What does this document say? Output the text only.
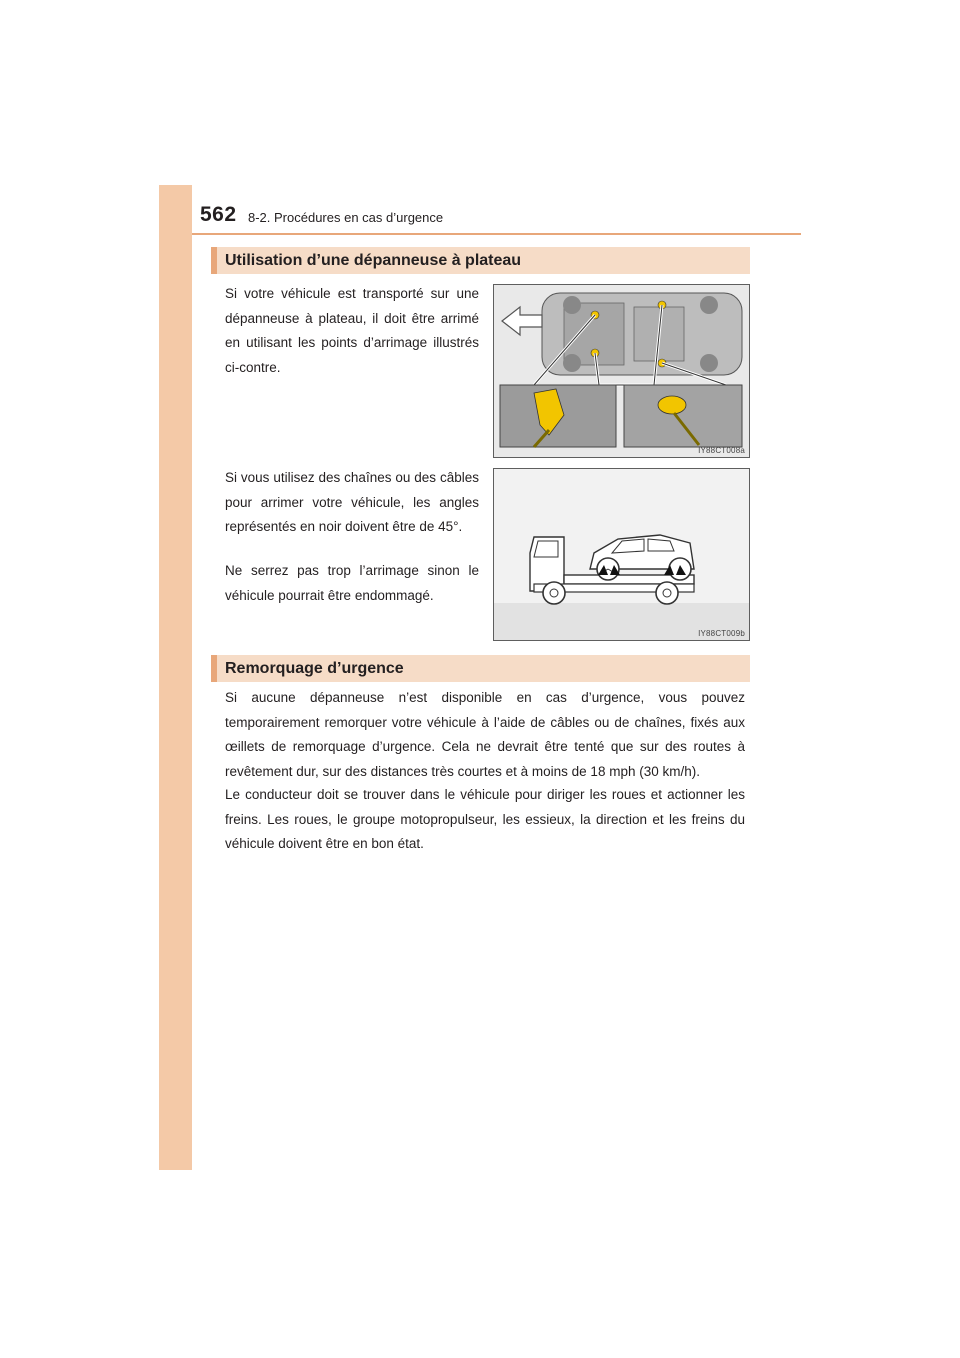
562 8-2. Procédures en cas d’urgence
Utilisation d’une dépanneuse à plateau

Si votre véhicule est transporté sur une dépanneuse à plateau, il doit être arrimé en utilisant les points d’arrimage illustrés ci-contre.

IY88CT008a

Si vous utilisez des chaînes ou des câbles pour arrimer votre véhicule, les angles représentés en noir doivent être de 45°.

Ne serrez pas trop l’arrimage sinon le véhicule pourrait être endommagé.

IY88CT009b
Remorquage d’urgence

Si aucune dépanneuse n’est disponible en cas d’urgence, vous pouvez temporairement remorquer votre véhicule à l’aide de câbles ou de chaînes, fixés aux œillets de remorquage d’urgence. Cela ne devrait être tenté que sur des routes à revêtement dur, sur des distances très courtes et à moins de 18 mph (30 km/h).

Le conducteur doit se trouver dans le véhicule pour diriger les roues et actionner les freins. Les roues, le groupe motopropulseur, les essieux, la direction et les freins du véhicule doivent être en bon état.
